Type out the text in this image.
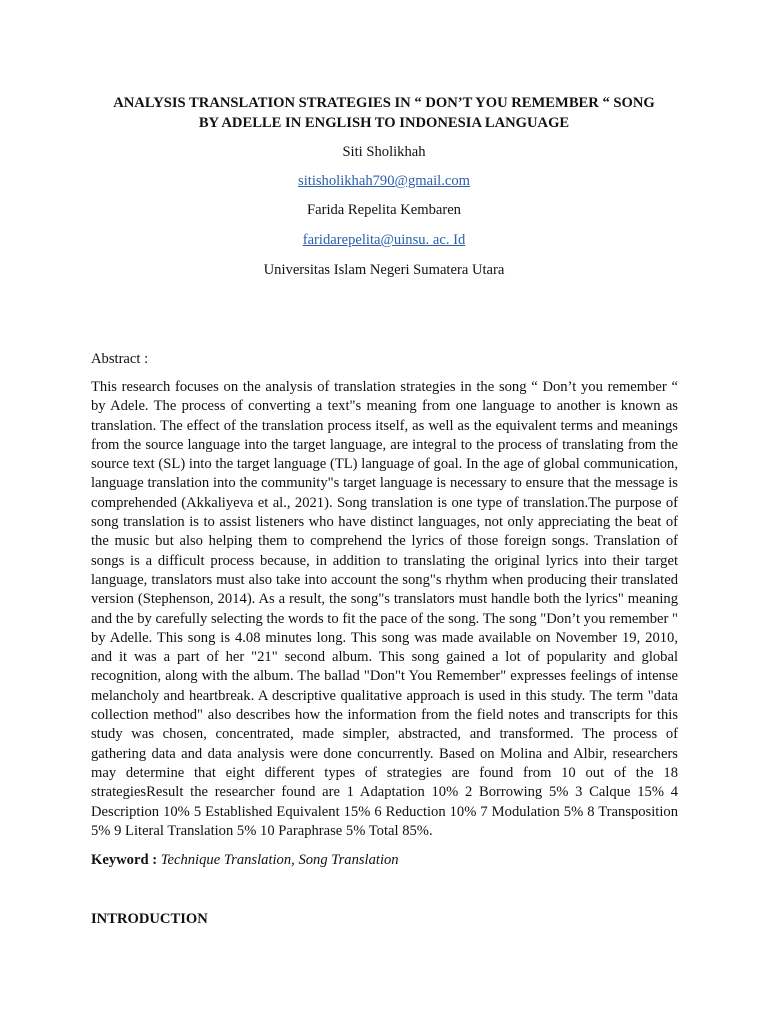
ANALYSIS TRANSLATION STRATEGIES IN “ DON’T YOU REMEMBER “ SONG
BY ADELLE IN ENGLISH TO INDONESIA LANGUAGE
Siti Sholikhah
sitisholikhah790@gmail.com
Farida Repelita Kembaren
faridarepelita@uinsu. ac. Id
Universitas Islam Negeri Sumatera Utara
Abstract :
This research focuses on the analysis of translation strategies in the song “ Don’t you remember “ by Adele. The process of converting a text"s meaning from one language to another is known as translation. The effect of the translation process itself, as well as the equivalent terms and meanings from the source language into the target language, are integral to the process of translating from the source text (SL) into the target language (TL) language of goal. In the age of global communication, language translation into the community"s target language is necessary to ensure that the message is comprehended (Akkaliyeva et al., 2021). Song translation is one type of translation.The purpose of song translation is to assist listeners who have distinct languages, not only appreciating the beat of the music but also helping them to comprehend the lyrics of those foreign songs. Translation of songs is a difficult process because, in addition to translating the original lyrics into their target language, translators must also take into account the song"s rhythm when producing their translated version (Stephenson, 2014). As a result, the song"s translators must handle both the lyrics" meaning and the by carefully selecting the words to fit the pace of the song. The song "Don’t you remember " by Adelle. This song is 4.08 minutes long. This song was made available on November 19, 2010, and it was a part of her "21" second album. This song gained a lot of popularity and global recognition, along with the album. The ballad "Don"t You Remember" expresses feelings of intense melancholy and heartbreak. A descriptive qualitative approach is used in this study. The term "data collection method" also describes how the information from the field notes and transcripts for this study was chosen, concentrated, made simpler, abstracted, and transformed. The process of gathering data and data analysis were done concurrently. Based on Molina and Albir, researchers may determine that eight different types of strategies are found from 10 out of the 18 strategiesResult the researcher found are 1 Adaptation 10% 2 Borrowing 5% 3 Calque 15% 4 Description 10% 5 Established Equivalent 15% 6 Reduction 10% 7 Modulation 5% 8 Transposition 5% 9 Literal Translation 5% 10 Paraphrase 5% Total 85%.
Keyword : Technique Translation, Song Translation
INTRODUCTION
